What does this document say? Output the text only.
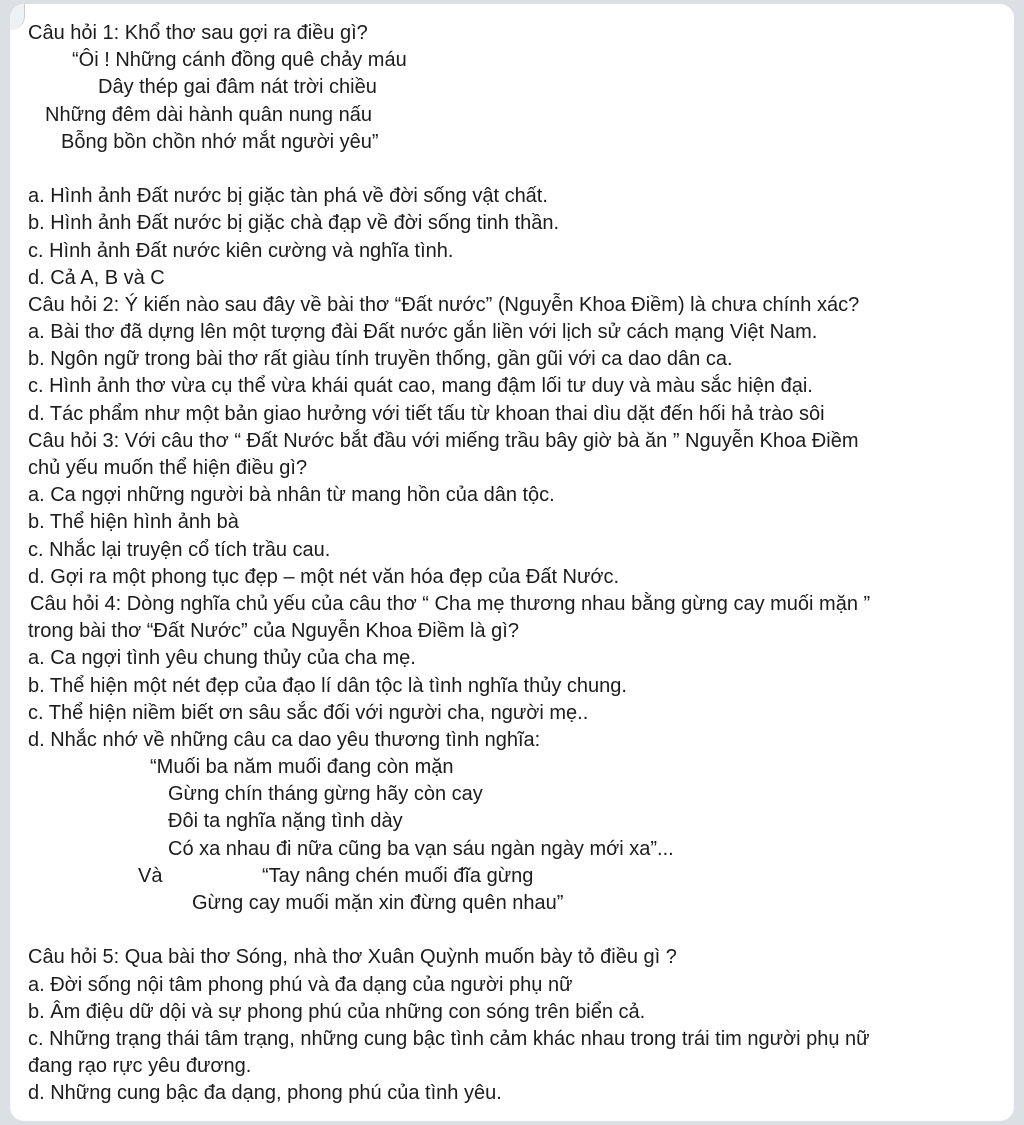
Câu hỏi 1: Khổ thơ sau gợi ra điều gì?
“Ôi ! Những cánh đồng quê chảy máu
Dây thép gai đâm nát trời chiều
Những đêm dài hành quân nung nấu
Bỗng bồn chồn nhớ mắt người yêu”
a. Hình ảnh Đất nước bị giặc tàn phá về đời sống vật chất.
b. Hình ảnh Đất nước bị giặc chà đạp về đời sống tinh thần.
c. Hình ảnh Đất nước kiên cường và nghĩa tình.
d. Cả A, B và C
Câu hỏi 2: Ý kiến nào sau đây về bài thơ “Đất nước” (Nguyễn Khoa Điềm) là chưa chính xác?
a. Bài thơ đã dựng lên một tượng đài Đất nước gắn liền với lịch sử cách mạng Việt Nam.
b. Ngôn ngữ trong bài thơ rất giàu tính truyền thống, gần gũi với ca dao dân ca.
c. Hình ảnh thơ vừa cụ thể vừa khái quát cao, mang đậm lối tư duy và màu sắc hiện đại.
d. Tác phẩm như một bản giao hưởng với tiết tấu từ khoan thai dìu dặt đến hối hả trào sôi
Câu hỏi 3: Với câu thơ “ Đất Nước bắt đầu với miếng trầu bây giờ bà ăn ” Nguyễn Khoa Điềm
chủ yếu muốn thể hiện điều gì?
a. Ca ngợi những người bà nhân từ mang hồn của dân tộc.
b. Thể hiện hình ảnh bà
c. Nhắc lại truyện cổ tích trầu cau.
d. Gợi ra một phong tục đẹp – một nét văn hóa đẹp của Đất Nước.
Câu hỏi 4: Dòng nghĩa chủ yếu của câu thơ “ Cha mẹ thương nhau bằng gừng cay muối mặn ”
trong bài thơ “Đất Nước” của Nguyễn Khoa Điềm là gì?
a. Ca ngợi tình yêu chung thủy của cha mẹ.
b. Thể hiện một nét đẹp của đạo lí dân tộc là tình nghĩa thủy chung.
c. Thể hiện niềm biết ơn sâu sắc đối với người cha, người mẹ..
d. Nhắc nhớ về những câu ca dao yêu thương tình nghĩa:
“Muối ba năm muối đang còn mặn
Gừng chín tháng gừng hãy còn cay
Đôi ta nghĩa nặng tình dày
Có xa nhau đi nữa cũng ba vạn sáu ngàn ngày mới xa”...
Và	“Tay nâng chén muối đĩa gừng
Gừng cay muối mặn xin đừng quên nhau”
Câu hỏi 5: Qua bài thơ Sóng, nhà thơ Xuân Quỳnh muốn bày tỏ điều gì ?
a. Đời sống nội tâm phong phú và đa dạng của người phụ nữ
b. Âm điệu dữ dội và sự phong phú của những con sóng trên biển cả.
c. Những trạng thái tâm trạng, những cung bậc tình cảm khác nhau trong trái tim người phụ nữ
đang rạo rực yêu đương.
d. Những cung bậc đa dạng, phong phú của tình yêu.
